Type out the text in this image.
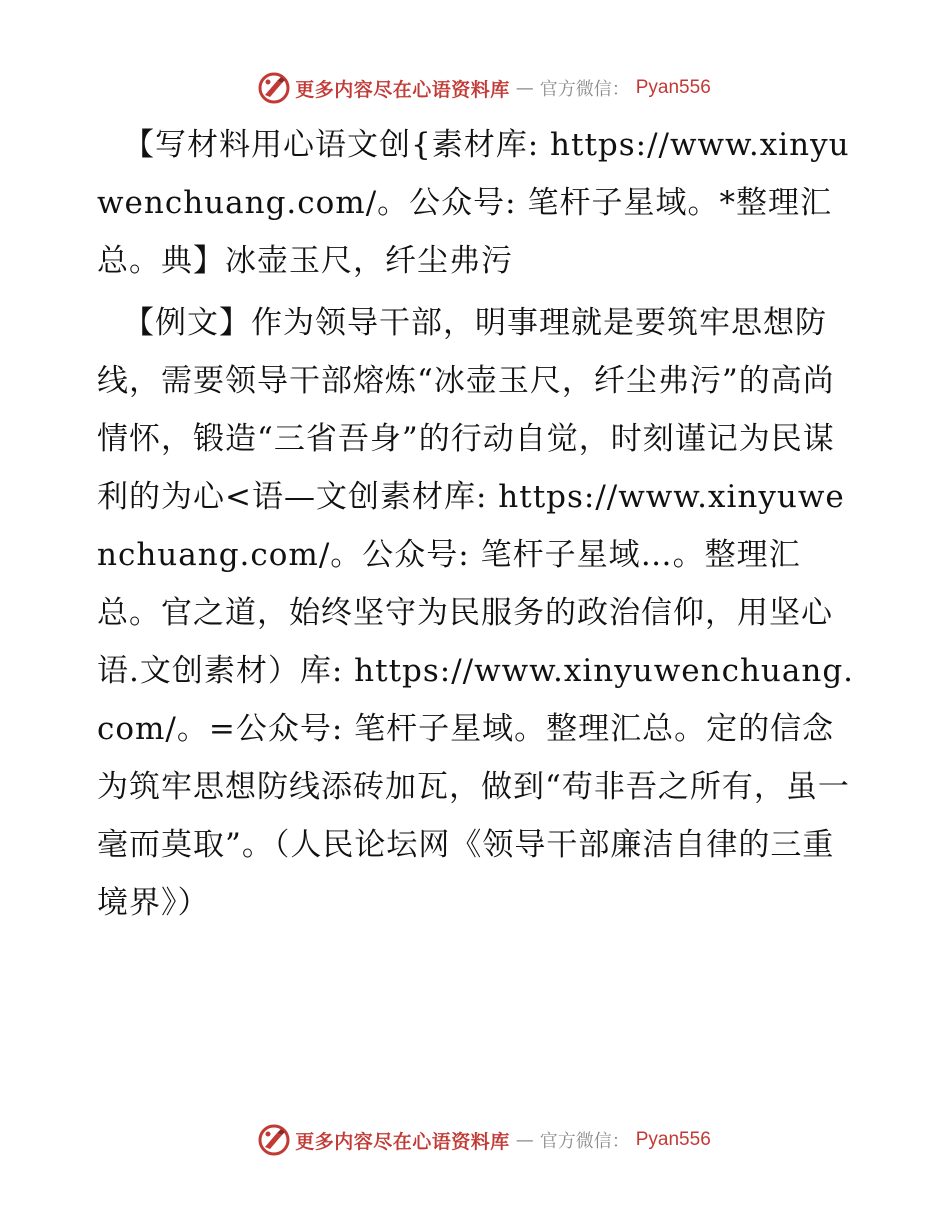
更多内容尽在心语资料库 — 官方微信： Pyan556

【写材料用心语文创{素材库: https://www.xinyuwenchuang.com/。公众号: 笔杆子星域。*整理汇总。典】冰壶玉尺，纤尘弗污

【例文】作为领导干部，明事理就是要筑牢思想防线，需要领导干部熔炼“冰壶玉尺，纤尘弗污”的高尚情怀，锻造“三省吾身”的行动自觉，时刻谨记为民谋利的为心<语—文创素材库: https://www.xinyuwenchuang.com/。公众号: 笔杆子星域…。整理汇总。官之道，始终坚守为民服务的政治信仰，用坚心语.文创素材）库: https://www.xinyuwenchuang.com/。=公众号: 笔杆子星域。整理汇总。定的信念为筑牢思想防线添砖加瓦，做到“苟非吾之所有，虽一毫而莫取”。（人民论坛网《领导干部廉洁自律的三重境界》）

更多内容尽在心语资料库 — 官方微信： Pyan556
